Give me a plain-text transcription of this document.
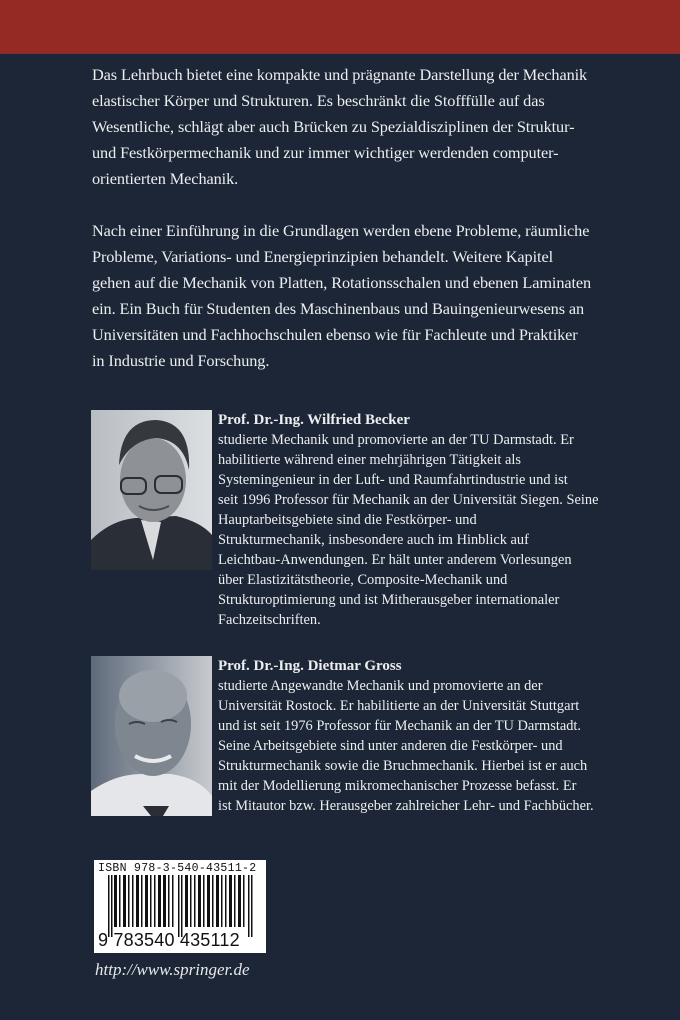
Das Lehrbuch bietet eine kompakte und prägnante Darstellung der Mechanik

elastischer Körper und Strukturen. Es beschränkt die Stofffülle auf das

Wesentliche, schlägt aber auch Brücken zu Spezialdisziplinen der Struktur-

und Festkörpermechanik und zur immer wichtiger werdenden computer-

orientierten Mechanik.

Nach einer Einführung in die Grundlagen werden ebene Probleme, räumliche

Probleme, Variations- und Energieprinzipien behandelt. Weitere Kapitel

gehen auf die Mechanik von Platten, Rotationsschalen und ebenen Laminaten

ein. Ein Buch für Studenten des Maschinenbaus und Bauingenieurwesens an

Universitäten und Fachhochschulen ebenso wie für Fachleute und Praktiker

in Industrie und Forschung.

Prof. Dr.-Ing. Wilfried Becker

studierte Mechanik und promovierte an der TU Darmstadt. Er

habilitierte während einer mehrjährigen Tätigkeit als

Systemingenieur in der Luft- und Raumfahrtindustrie und ist

seit 1996 Professor für Mechanik an der Universität Siegen. Seine

Hauptarbeitsgebiete sind die Festkörper- und

Strukturmechanik, insbesondere auch im Hinblick auf

Leichtbau-Anwendungen. Er hält unter anderem Vorlesungen

über Elastizitätstheorie, Composite-Mechanik und

Strukturoptimierung und ist Mitherausgeber internationaler

Fachzeitschriften.

Prof. Dr.-Ing. Dietmar Gross

studierte Angewandte Mechanik und promovierte an der

Universität Rostock. Er habilitierte an der Universität Stuttgart

und ist seit 1976 Professor für Mechanik an der TU Darmstadt.

Seine Arbeitsgebiete sind unter anderen die Festkörper- und

Strukturmechanik sowie die Bruchmechanik. Hierbei ist er auch

mit der Modellierung mikromechanischer Prozesse befasst. Er

ist Mitautor bzw. Herausgeber zahlreicher Lehr- und Fachbücher.

ISBN 978-3-540-43511-2
9 783540 435112
http://www.springer.de
